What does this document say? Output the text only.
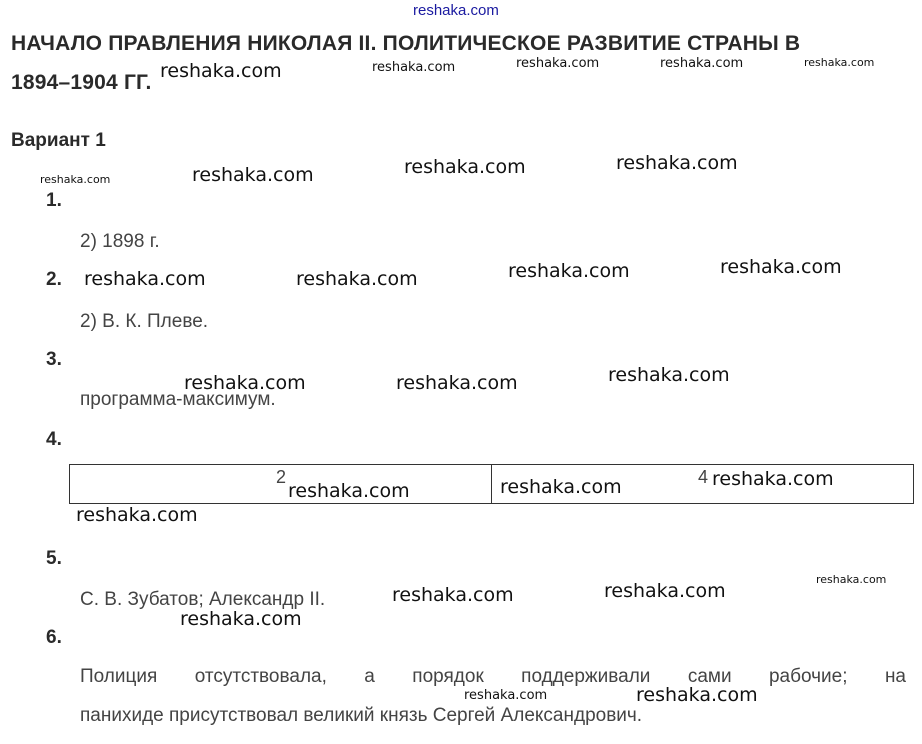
reshaka.com
НАЧАЛО ПРАВЛЕНИЯ НИКОЛАЯ II. ПОЛИТИЧЕСКОЕ РАЗВИТИЕ СТРАНЫ В
1894–1904 ГГ.
Вариант 1
1.
2) 1898 г.
2.
2) В. К. Плеве.
3.
программа-максимум.
4.
2	4
5.
С. В. Зубатов; Александр II.
6.
Полиция отсутствовала, а порядок поддерживали сами рабочие; на
панихиде присутствовал великий князь Сергей Александрович.
reshaka.com	reshaka.com	reshaka.com	reshaka.com	reshaka.com
reshaka.com	reshaka.com	reshaka.com	reshaka.com
reshaka.com	reshaka.com	reshaka.com	reshaka.com
reshaka.com	reshaka.com	reshaka.com
reshaka.com	reshaka.com	reshaka.com
reshaka.com
reshaka.com
reshaka.com	reshaka.com
reshaka.com
reshaka.com	reshaka.com
